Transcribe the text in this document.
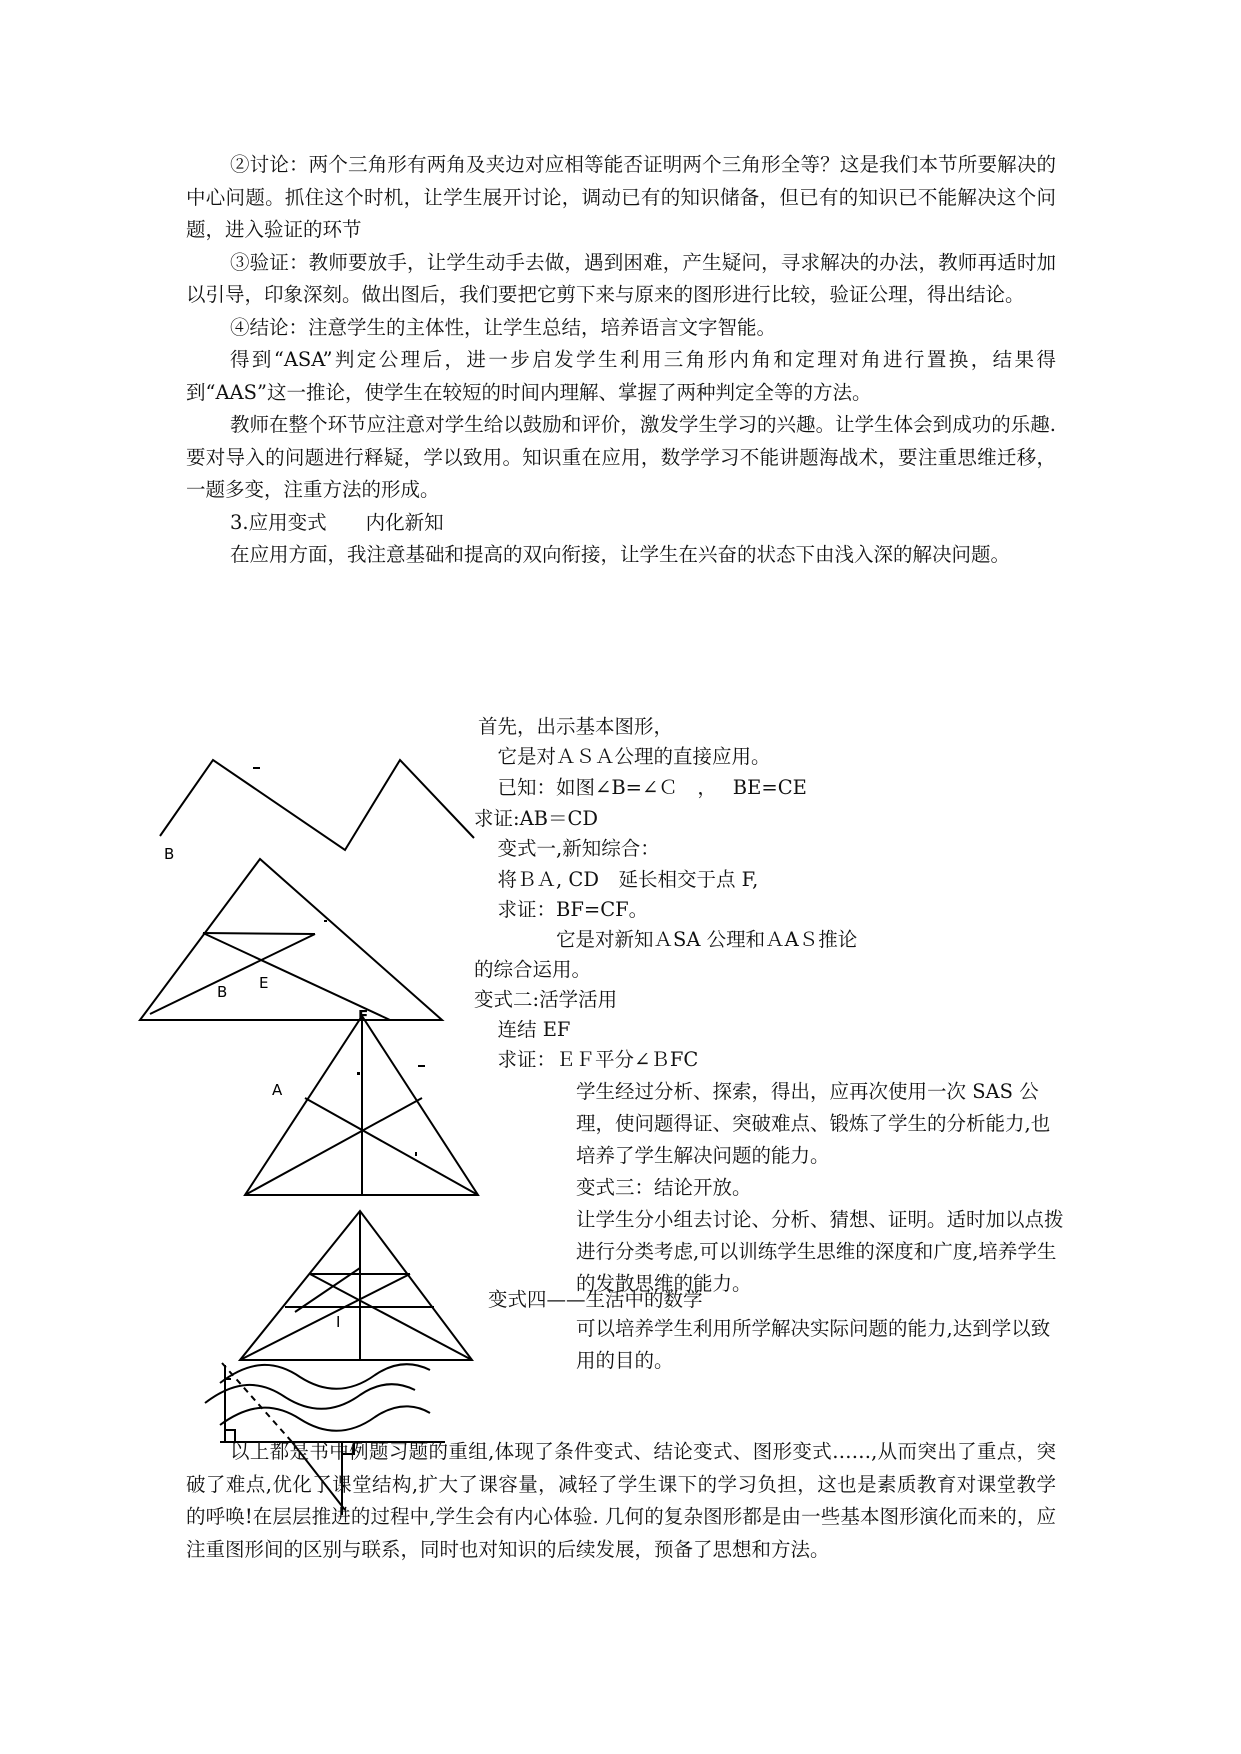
②讨论：两个三角形有两角及夹边对应相等能否证明两个三角形全等？这是我们本节所要解决的中心问题。抓住这个时机，让学生展开讨论，调动已有的知识储备，但已有的知识已不能解决这个问题，进入验证的环节

③验证：教师要放手，让学生动手去做，遇到困难，产生疑问，寻求解决的办法，教师再适时加以引导，印象深刻。做出图后，我们要把它剪下来与原来的图形进行比较，验证公理，得出结论。

④结论：注意学生的主体性，让学生总结，培养语言文字智能。

得到“ASA”判定公理后，进一步启发学生利用三角形内角和定理对角进行置换，结果得到“AAS”这一推论，使学生在较短的时间内理解、掌握了两种判定全等的方法。

教师在整个环节应注意对学生给以鼓励和评价，激发学生学习的兴趣。让学生体会到成功的乐趣.要对导入的问题进行释疑，学以致用。知识重在应用，数学学习不能讲题海战术，要注重思维迁移，一题多变，注重方法的形成。

3.应用变式　　内化新知

在应用方面，我注意基础和提高的双向衔接，让学生在兴奋的状态下由浅入深的解决问题。

首先，出示基本图形，
　它是对ＡＳＡ公理的直接应用。
　已知：如图∠B=∠Ｃ　，　 BE=CE
求证:AB＝CD
　变式一,新知综合：
　将ＢＡ, CD　延长相交于点 F,
　求证：BF=CF。
　　　　它是对新知ＡSA 公理和ＡAＳ推论
的综合运用。
变式二:活学活用
　连结 EF
　求证：ＥＦ平分∠ＢFC
学生经过分析、探索，得出，应再次使用一次 SAS 公理，使问题得证、突破难点、锻炼了学生的分析能力,也培养了学生解决问题的能力。
变式三：结论开放。
让学生分小组去讨论、分析、猜想、证明。适时加以点拨进行分类考虑,可以训练学生思维的深度和广度,培养学生的发散思维的能力。
变式四——生活中的数学
可以培养学生利用所学解决实际问题的能力,达到学以致用的目的。
B
B E
F
A
I

以上都是书中例题习题的重组,体现了条件变式、结论变式、图形变式……,从而突出了重点，突破了难点,优化了课堂结构,扩大了课容量，减轻了学生课下的学习负担，这也是素质教育对课堂教学的呼唤!在层层推进的过程中,学生会有内心体验. 几何的复杂图形都是由一些基本图形演化而来的，应注重图形间的区别与联系，同时也对知识的后续发展，预备了思想和方法。
